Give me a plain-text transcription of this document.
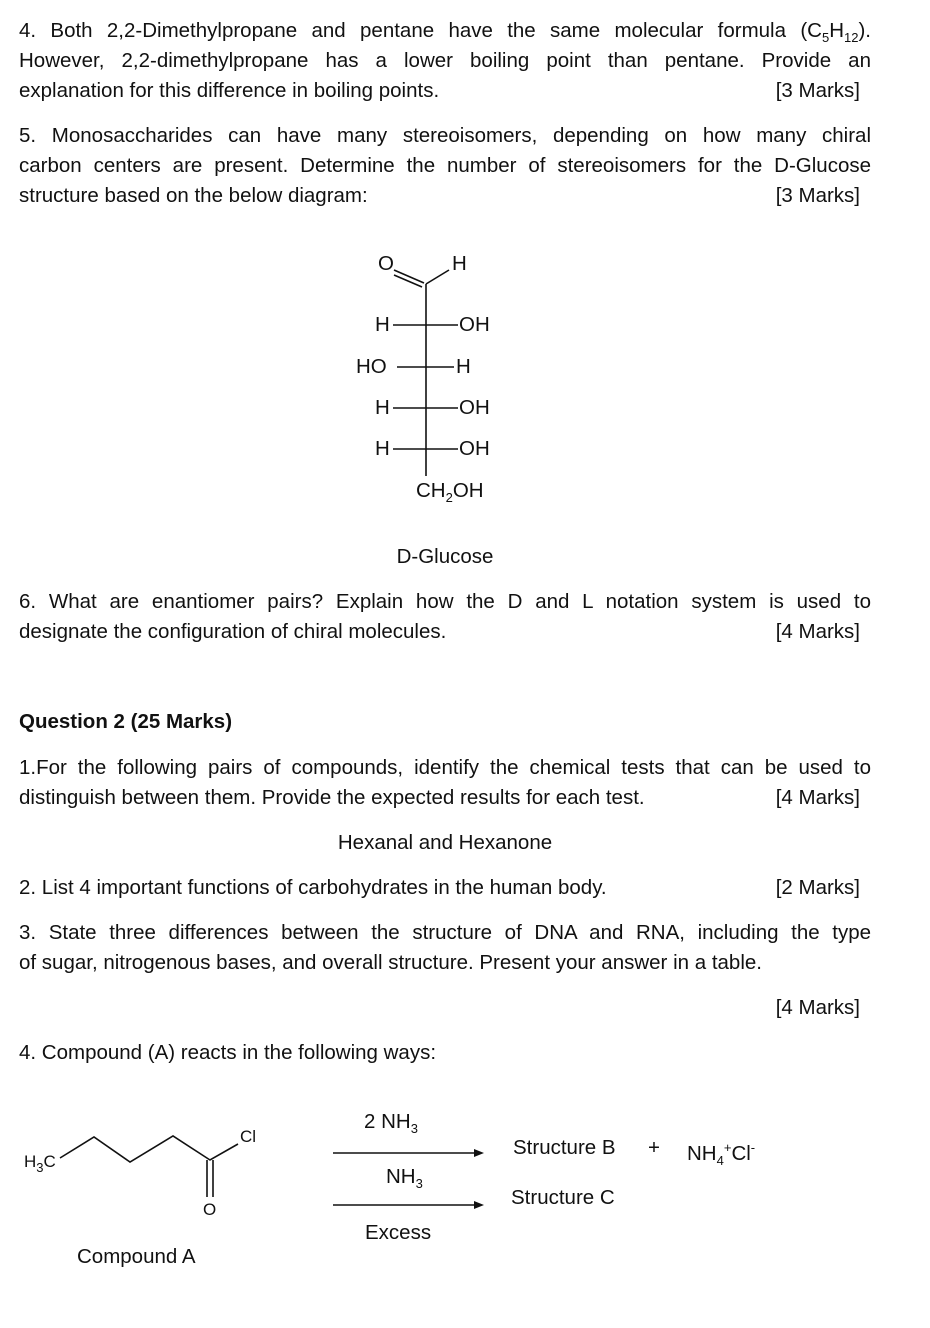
4. Both 2,2-Dimethylpropane and pentane have the same molecular formula $(C_5H_{12})$.
However, 2,2-dimethylpropane has a lower boiling point than pentane. Provide an
explanation for this difference in boiling points.	[3 Marks]
5. Monosaccharides can have many stereoisomers, depending on how many chiral
carbon centers are present. Determine the number of stereoisomers for the D-Glucose
structure based on the below diagram:	[3 Marks]
O	H
H	OH
HO	H
H	OH
H	OH
$CH_2OH$
D-Glucose
6. What are enantiomer pairs? Explain how the D and L notation system is used to
designate the configuration of chiral molecules.	[4 Marks]
Question 2 (25 Marks)
1.For the following pairs of compounds, identify the chemical tests that can be used to
distinguish between them. Provide the expected results for each test.	[4 Marks]
Hexanal and Hexanone
2. List 4 important functions of carbohydrates in the human body.	[2 Marks]
3. State three differences between the structure of DNA and RNA, including the type
of sugar, nitrogenous bases, and overall structure. Present your answer in a table.
[4 Marks]
4. Compound (A) reacts in the following ways:
$H_3C$
Cl
O
Compound A
2 $NH_3$
Structure $B + NH_4^+Cl^-$
$NH_3$
Structure C
Excess
